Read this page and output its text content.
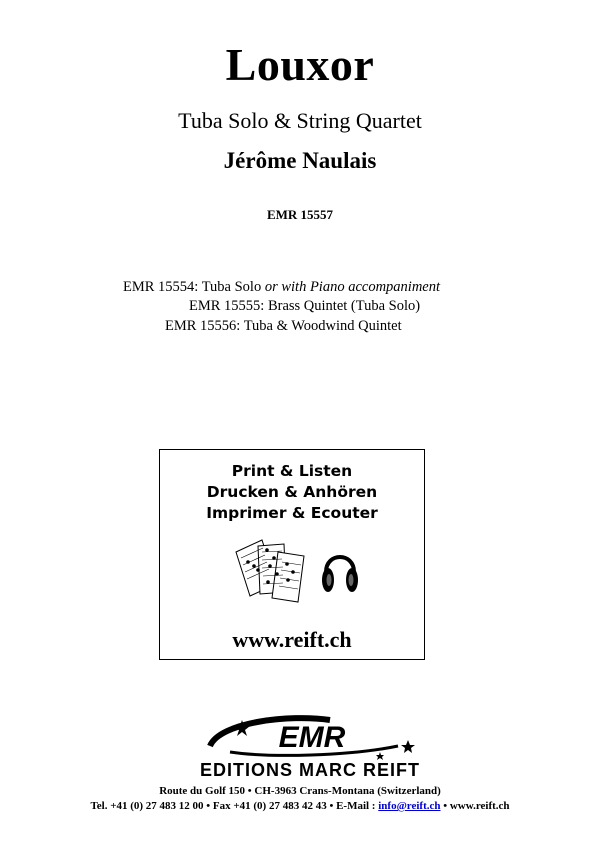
Louxor
Tuba Solo & String Quartet
Jérôme Naulais
EMR 15557
EMR 15554: Tuba Solo or with Piano accompaniment
EMR 15555: Brass Quintet (Tuba Solo)
EMR 15556: Tuba & Woodwind Quintet
Print & Listen
Drucken & Anhören
Imprimer & Ecouter
www.reift.ch
EMR
EDITIONS MARC REIFT
Route du Golf 150 • CH-3963 Crans-Montana (Switzerland)
Tel. +41 (0) 27 483 12 00 • Fax +41 (0) 27 483 42 43 • E-Mail : info@reift.ch • www.reift.ch
